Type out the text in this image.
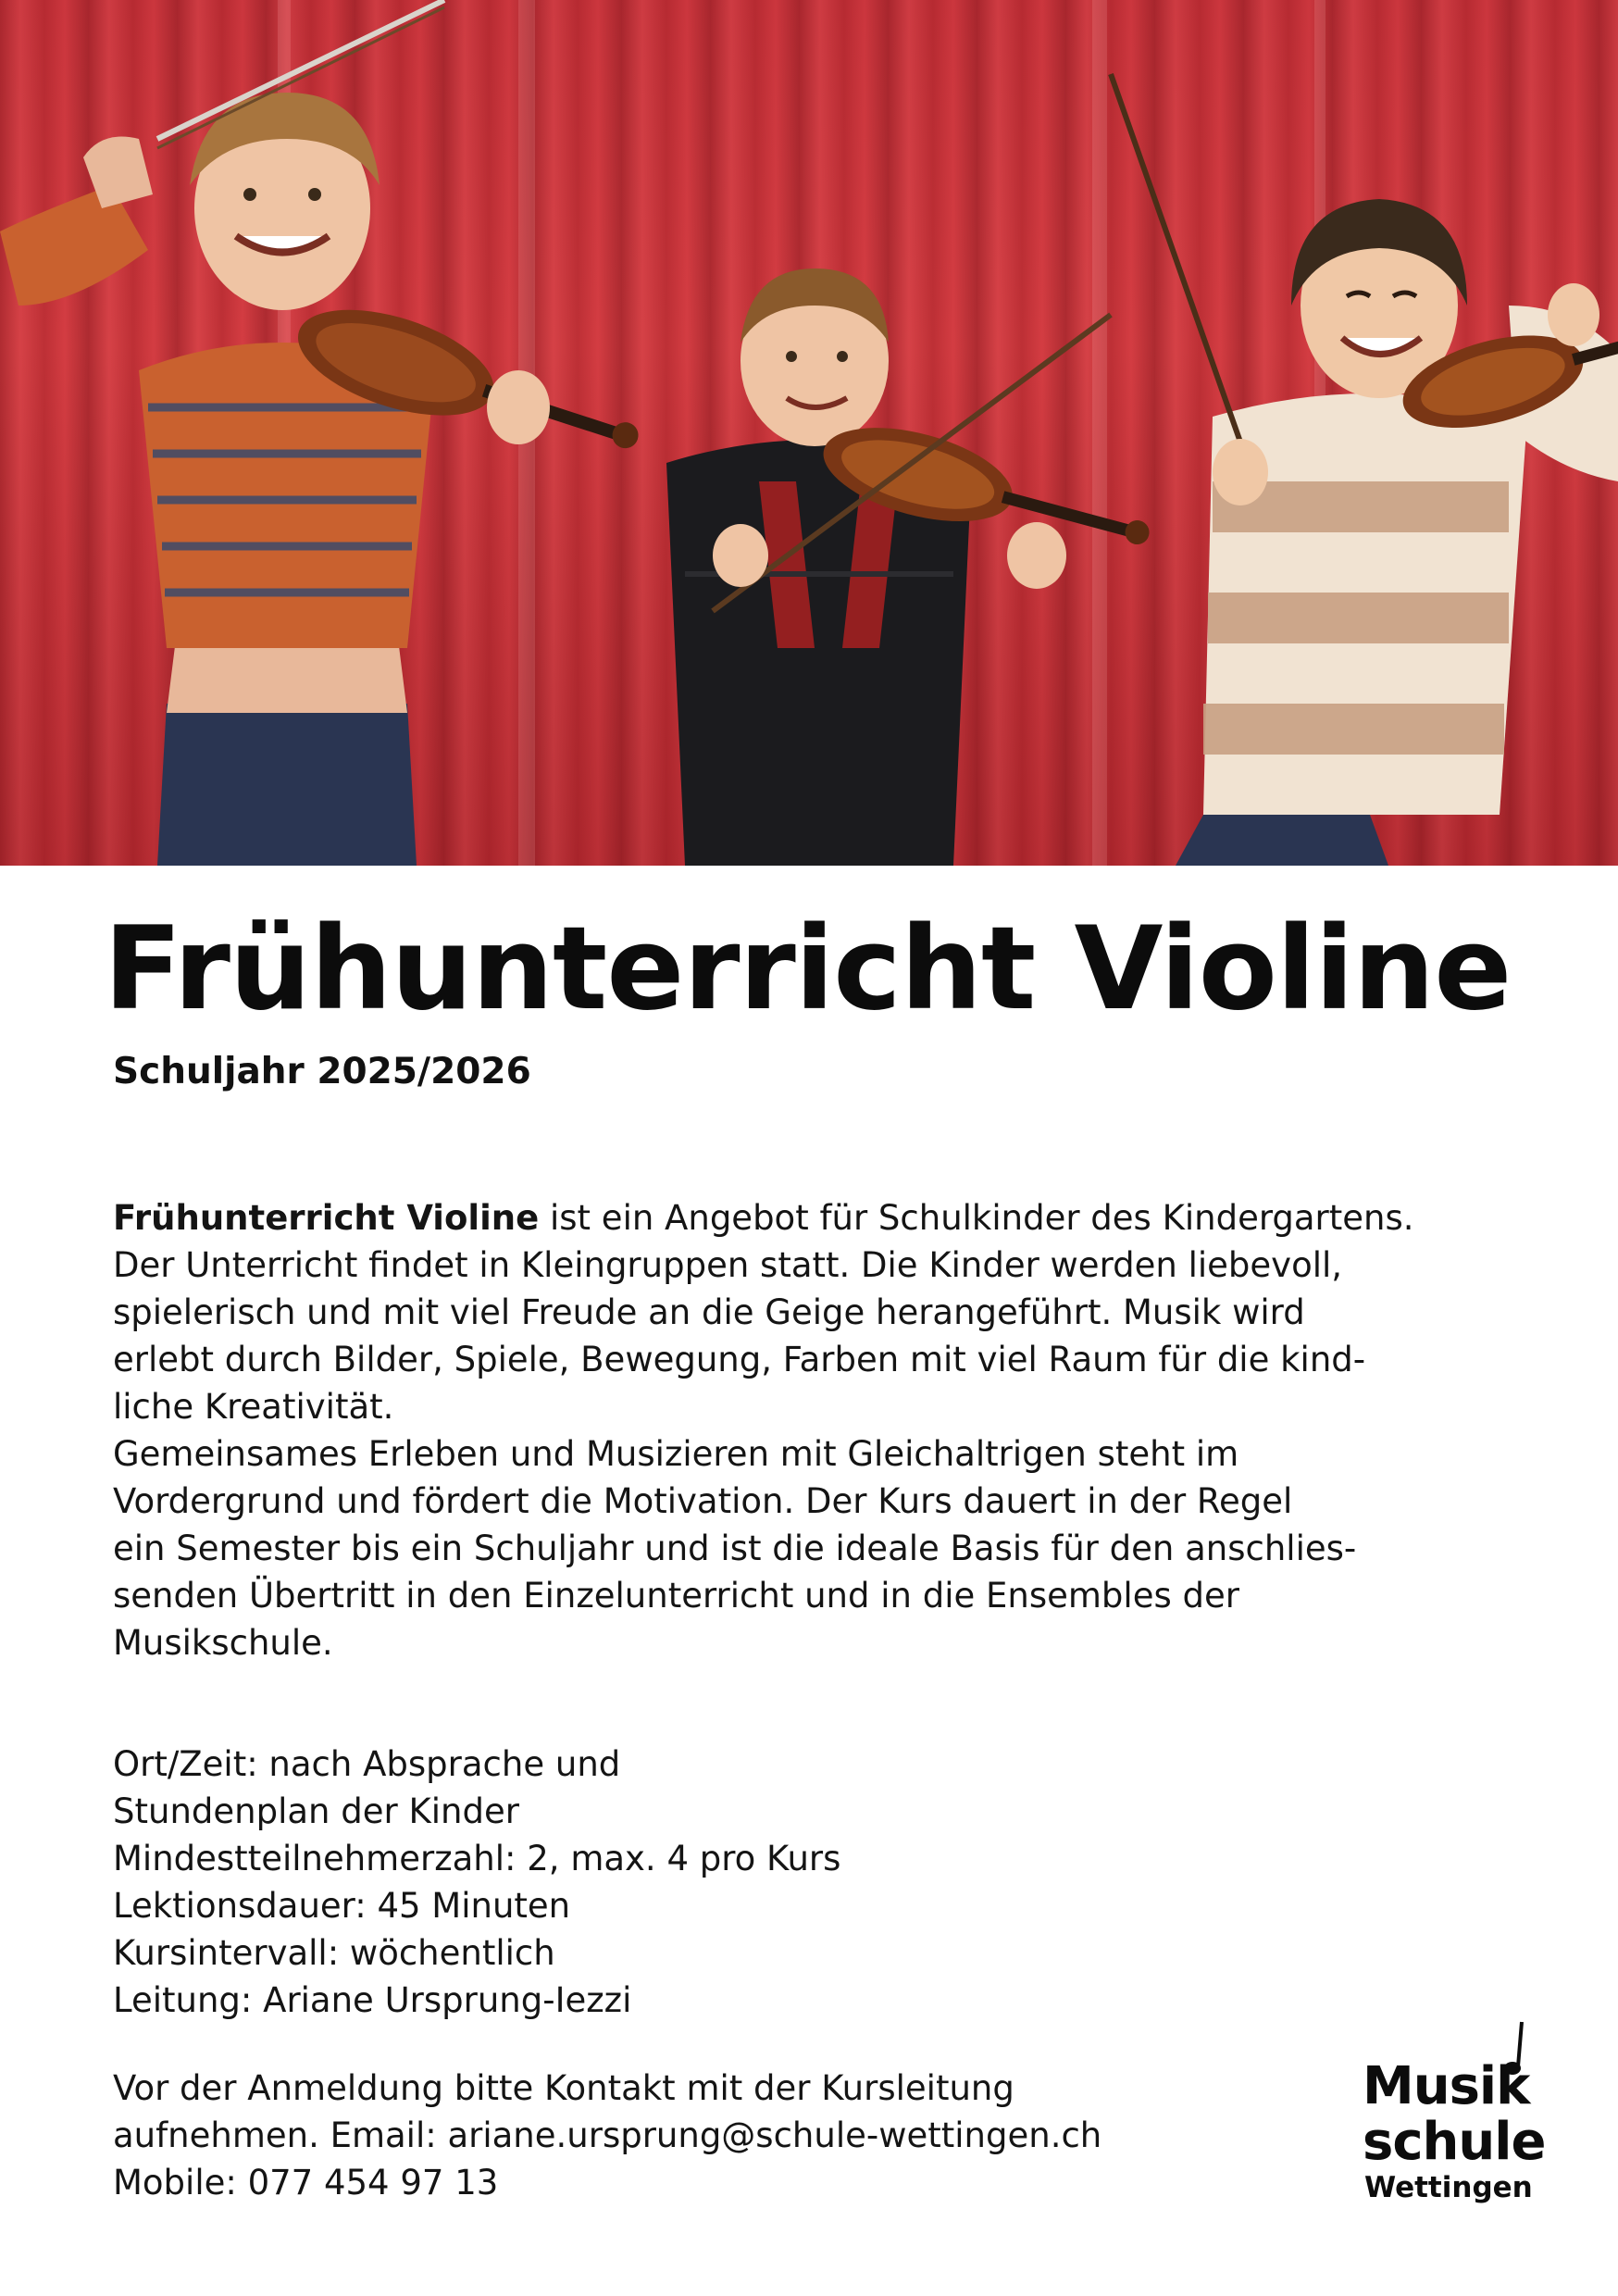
Frühunterricht Violine
Schuljahr 2025/2026
Frühunterricht Violine ist ein Angebot für Schulkinder des Kindergartens.
Der Unterricht findet in Kleingruppen statt. Die Kinder werden liebevoll,
spielerisch und mit viel Freude an die Geige herangeführt. Musik wird
erlebt durch Bilder, Spiele, Bewegung, Farben mit viel Raum für die kind-
liche Kreativität.
Gemeinsames Erleben und Musizieren mit Gleichaltrigen steht im
Vordergrund und fördert die Motivation. Der Kurs dauert in der Regel
ein Semester bis ein Schuljahr und ist die ideale Basis für den anschlies-
senden Übertritt in den Einzelunterricht und in die Ensembles der
Musikschule.
Ort/Zeit: nach Absprache und
Stundenplan der Kinder
Mindestteilnehmerzahl: 2, max. 4 pro Kurs
Lektionsdauer: 45 Minuten
Kursintervall: wöchentlich
Leitung: Ariane Ursprung-Iezzi
Vor der Anmeldung bitte Kontakt mit der Kursleitung
aufnehmen. Email: ariane.ursprung@schule-wettingen.ch
Mobile: 077 454 97 13
Musik
schule
Wettingen
